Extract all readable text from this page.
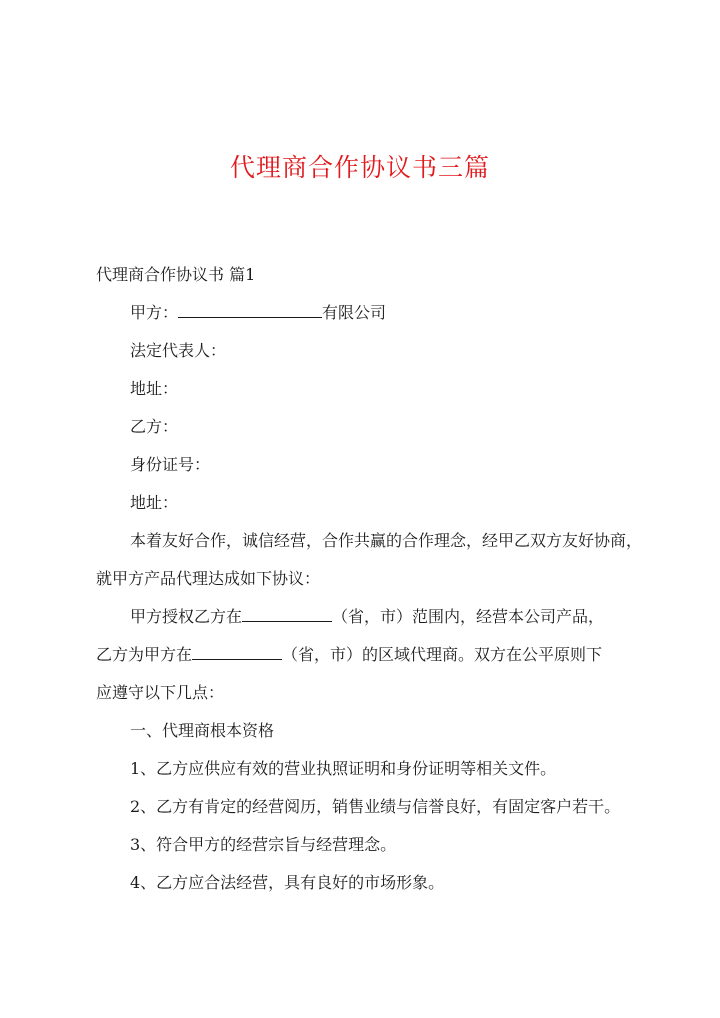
代理商合作协议书三篇

代理商合作协议书 篇1

甲方：	有限公司

法定代表人：

地址：

乙方：

身份证号：

地址：

本着友好合作，诚信经营，合作共赢的合作理念，经甲乙双方友好协商，就甲方产品代理达成如下协议：

甲方授权乙方在	（省，市）范围内，经营本公司产品，

乙方为甲方在	（省，市）的区域代理商。双方在公平原则下

应遵守以下几点：

一、代理商根本资格

1、乙方应供应有效的营业执照证明和身份证明等相关文件。

2、乙方有肯定的经营阅历，销售业绩与信誉良好，有固定客户若干。

3、符合甲方的经营宗旨与经营理念。

4、乙方应合法经营，具有良好的市场形象。
